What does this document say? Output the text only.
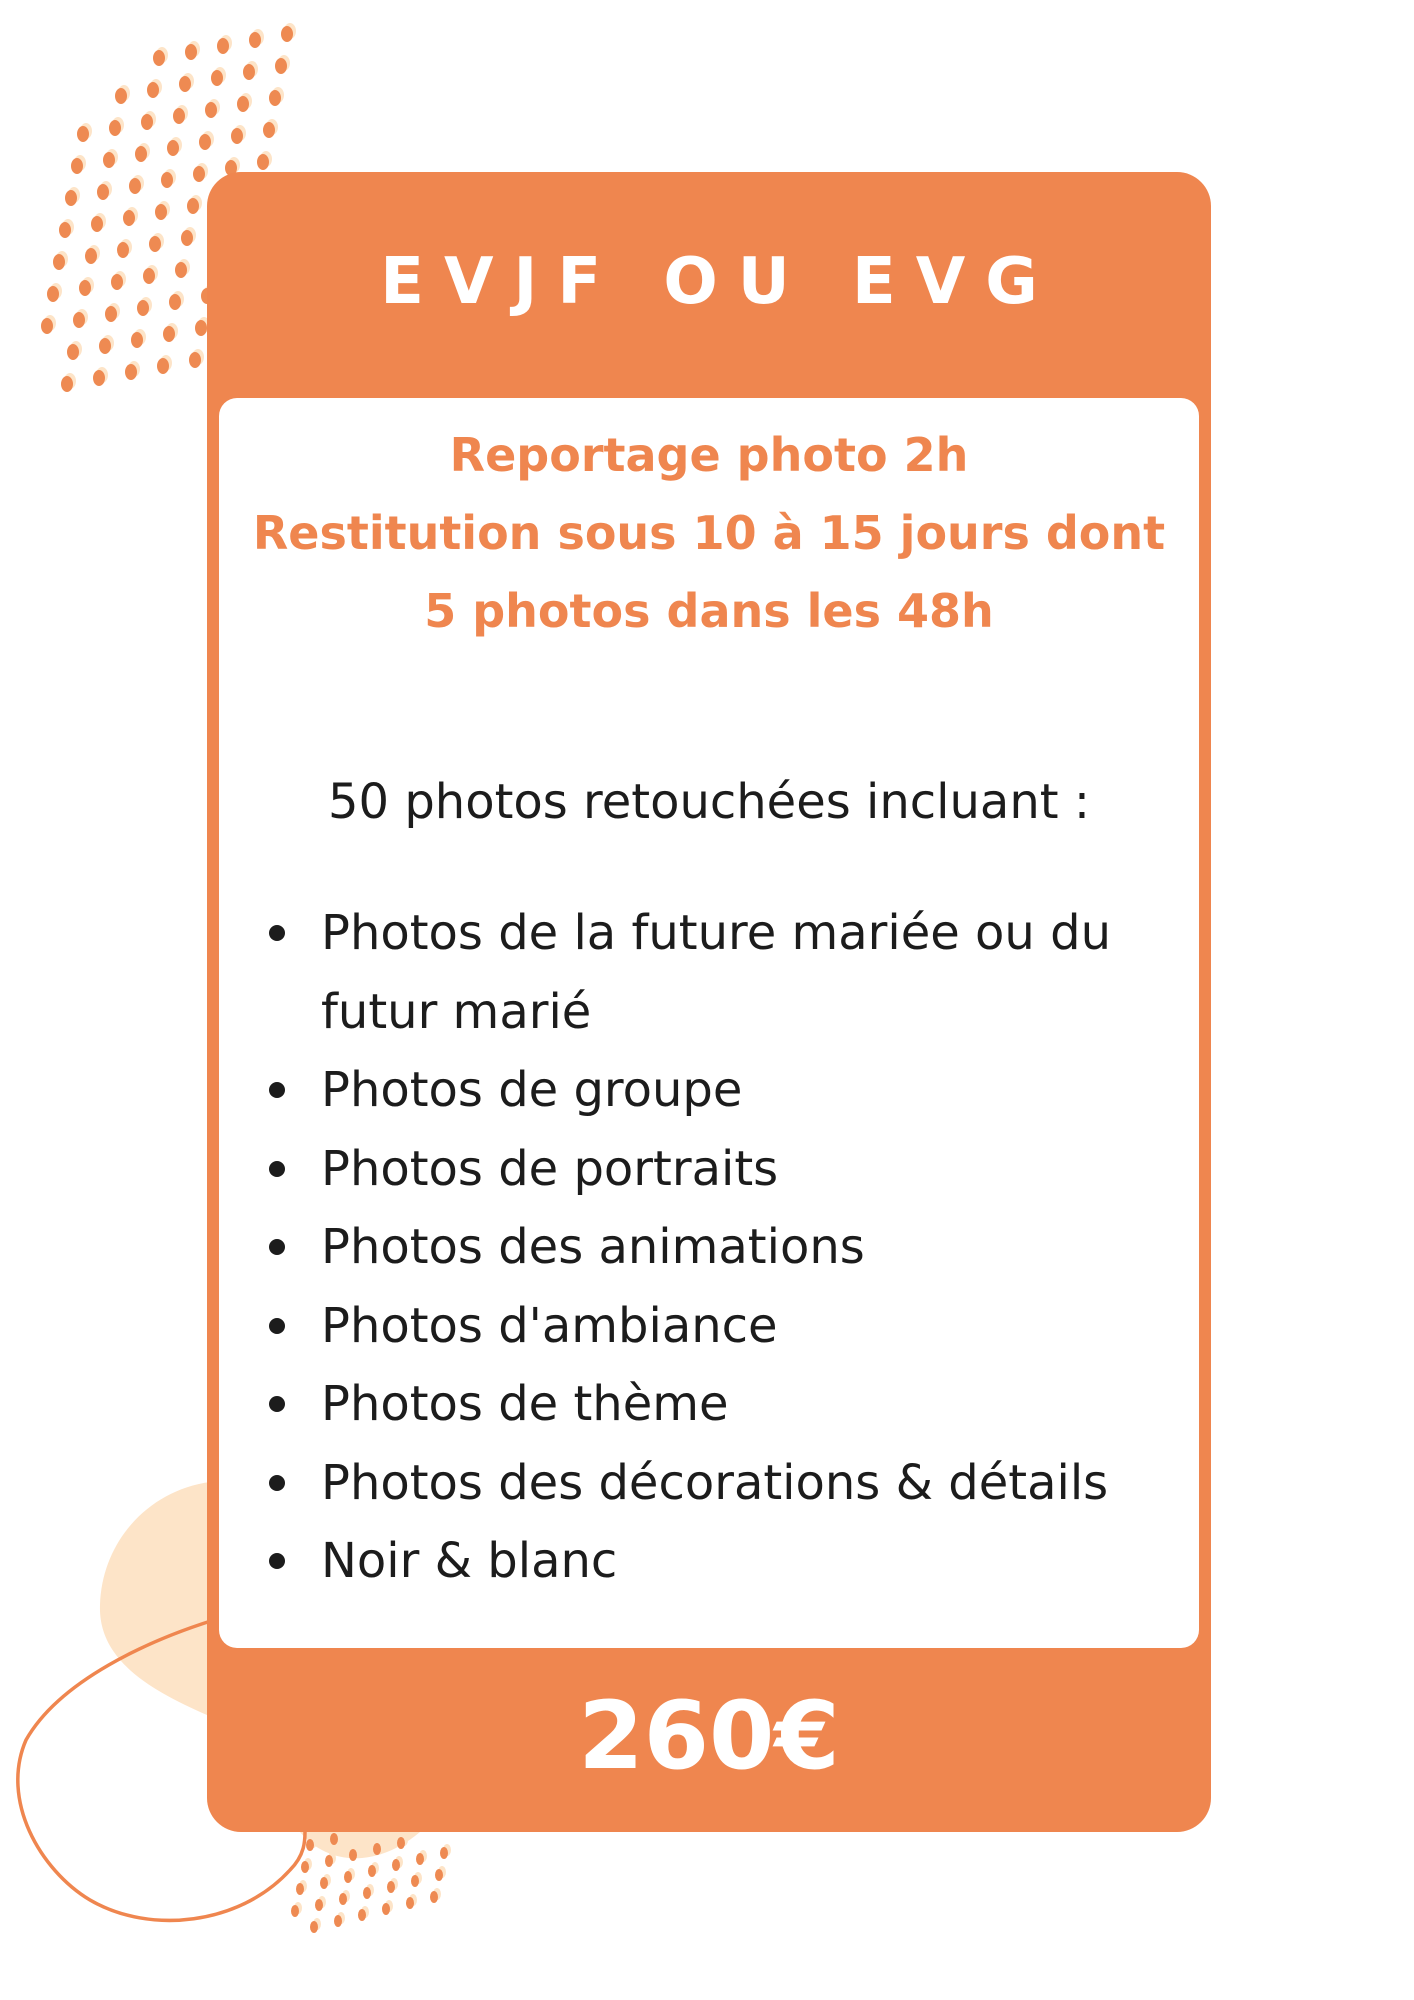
EVJF OU EVG
Reportage photo 2h
Restitution sous 10 à 15 jours dont
5 photos dans les 48h
50 photos retouchées incluant :
Photos de la future mariée ou du futur marié
Photos de groupe
Photos de portraits
Photos des animations
Photos d'ambiance
Photos de thème
Photos des décorations & détails
Noir & blanc
260€
